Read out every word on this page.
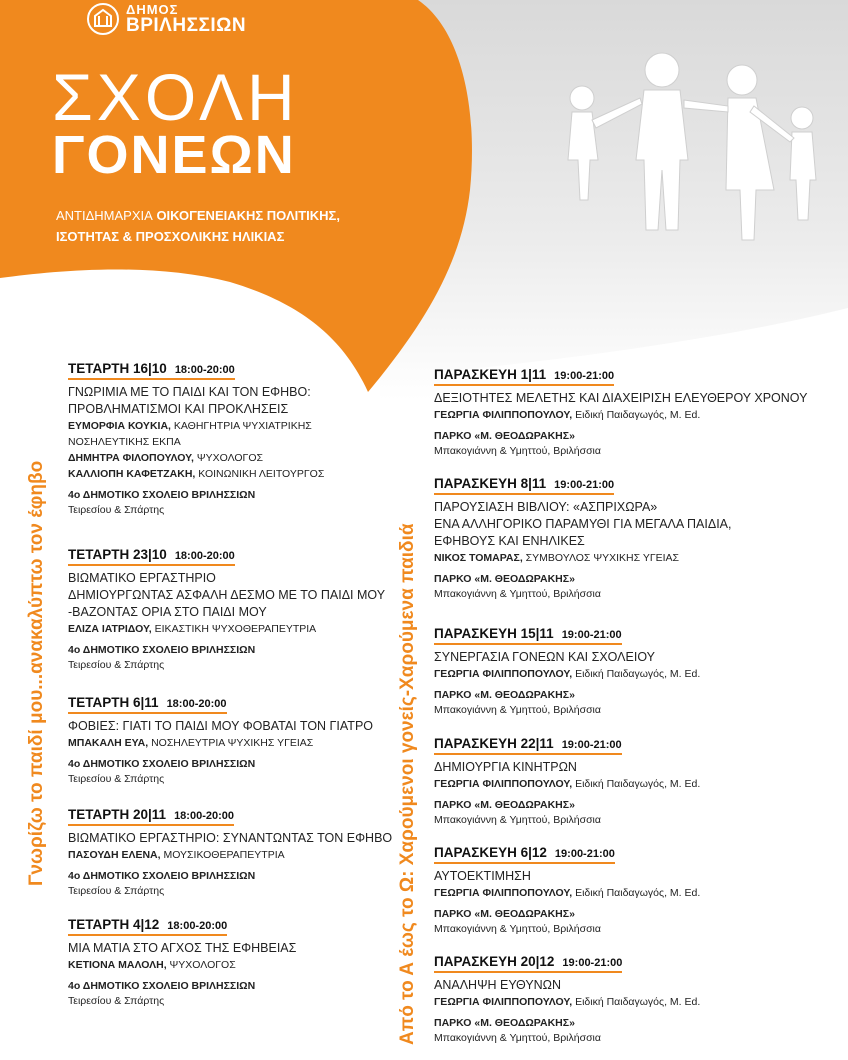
ΔΗΜΟΣ
ΒΡΙΛΗΣΣΙΩΝ
ΣΧΟΛΗ
ΓΟΝΕΩΝ
ΑΝΤΙΔΗΜΑΡΧΙΑ ΟΙΚΟΓΕΝΕΙΑΚΗΣ ΠΟΛΙΤΙΚΗΣ,
ΙΣΟΤΗΤΑΣ & ΠΡΟΣΧΟΛΙΚΗΣ ΗΛΙΚΙΑΣ
Γνωρίζω το παιδί μου...ανακαλύπτω τον έφηβο	Από το Α έως το Ω: Χαρούμενοι γονείς-Χαρούμενα παιδιά
ΤΕΤΑΡΤΗ 16|10 18:00-20:00
ΓΝΩΡΙΜΙΑ ΜΕ ΤΟ ΠΑΙΔΙ ΚΑΙ ΤΟΝ ΕΦΗΒΟ:
ΠΡΟΒΛΗΜΑΤΙΣΜΟΙ ΚΑΙ ΠΡΟΚΛΗΣΕΙΣ
ΕΥΜΟΡΦΙΑ ΚΟΥΚΙΑ, ΚΑΘΗΓΗΤΡΙΑ ΨΥΧΙΑΤΡΙΚΗΣ
ΝΟΣΗΛΕΥΤΙΚΗΣ ΕΚΠΑ
ΔΗΜΗΤΡΑ ΦΙΛΟΠΟΥΛΟΥ, ΨΥΧΟΛΟΓΟΣ
ΚΑΛΛΙΟΠΗ ΚΑΦΕΤΖΑΚΗ, ΚΟΙΝΩΝΙΚΗ ΛΕΙΤΟΥΡΓΟΣ
4ο ΔΗΜΟΤΙΚΟ ΣΧΟΛΕΙΟ ΒΡΙΛΗΣΣΙΩΝ
Τειρεσίου & Σπάρτης
ΤΕΤΑΡΤΗ 23|10 18:00-20:00
ΒΙΩΜΑΤΙΚΟ ΕΡΓΑΣΤΗΡΙΟ
ΔΗΜΙΟΥΡΓΩΝΤΑΣ ΑΣΦΑΛΗ ΔΕΣΜΟ ΜΕ ΤΟ ΠΑΙΔΙ ΜΟΥ
-ΒΑΖΟΝΤΑΣ ΟΡΙΑ ΣΤΟ ΠΑΙΔΙ ΜΟΥ
ΕΛΙΖΑ ΙΑΤΡΙΔΟΥ, ΕΙΚΑΣΤΙΚΗ ΨΥΧΟΘΕΡΑΠΕΥΤΡΙΑ
4ο ΔΗΜΟΤΙΚΟ ΣΧΟΛΕΙΟ ΒΡΙΛΗΣΣΙΩΝ
Τειρεσίου & Σπάρτης
ΤΕΤΑΡΤΗ 6|11 18:00-20:00
ΦΟΒΙΕΣ: ΓΙΑΤΙ ΤΟ ΠΑΙΔΙ ΜΟΥ ΦΟΒΑΤΑΙ ΤΟΝ ΓΙΑΤΡΟ
ΜΠΑΚΑΛΗ ΕΥΑ, ΝΟΣΗΛΕΥΤΡΙΑ ΨΥΧΙΚΗΣ ΥΓΕΙΑΣ
4ο ΔΗΜΟΤΙΚΟ ΣΧΟΛΕΙΟ ΒΡΙΛΗΣΣΙΩΝ
Τειρεσίου & Σπάρτης
ΤΕΤΑΡΤΗ 20|11 18:00-20:00
ΒΙΩΜΑΤΙΚΟ ΕΡΓΑΣΤΗΡΙΟ: ΣΥΝΑΝΤΩΝΤΑΣ ΤΟΝ ΕΦΗΒΟ
ΠΑΣΟΥΔΗ ΕΛΕΝΑ, ΜΟΥΣΙΚΟΘΕΡΑΠΕΥΤΡΙΑ
4ο ΔΗΜΟΤΙΚΟ ΣΧΟΛΕΙΟ ΒΡΙΛΗΣΣΙΩΝ
Τειρεσίου & Σπάρτης
ΤΕΤΑΡΤΗ 4|12 18:00-20:00
ΜΙΑ ΜΑΤΙΑ ΣΤΟ ΑΓΧΟΣ ΤΗΣ ΕΦΗΒΕΙΑΣ
ΚΕΤΙΟΝΑ ΜΑΛΟΛΗ, ΨΥΧΟΛΟΓΟΣ
4ο ΔΗΜΟΤΙΚΟ ΣΧΟΛΕΙΟ ΒΡΙΛΗΣΣΙΩΝ
Τειρεσίου & Σπάρτης
ΠΑΡΑΣΚΕΥΗ 1|11 19:00-21:00
ΔΕΞΙΟΤΗΤΕΣ ΜΕΛΕΤΗΣ ΚΑΙ ΔΙΑΧΕΙΡΙΣΗ ΕΛΕΥΘΕΡΟΥ ΧΡΟΝΟΥ
ΓΕΩΡΓΙΑ ΦΙΛΙΠΠΟΠΟΥΛΟΥ, Ειδική Παιδαγωγός, Μ. Ed.
ΠΑΡΚΟ «Μ. ΘΕΟΔΩΡΑΚΗΣ»
Μπακογιάννη & Υμηττού, Βριλήσσια
ΠΑΡΑΣΚΕΥΗ 8|11 19:00-21:00
ΠΑΡΟΥΣΙΑΣΗ ΒΙΒΛΙΟΥ: «ΑΣΠΡΙΧΩΡΑ»
ΕΝΑ ΑΛΛΗΓΟΡΙΚΟ ΠΑΡΑΜΥΘΙ ΓΙΑ ΜΕΓΑΛΑ ΠΑΙΔΙΑ,
ΕΦΗΒΟΥΣ ΚΑΙ ΕΝΗΛΙΚΕΣ
ΝΙΚΟΣ ΤΟΜΑΡΑΣ, ΣΥΜΒΟΥΛΟΣ ΨΥΧΙΚΗΣ ΥΓΕΙΑΣ
ΠΑΡΚΟ «Μ. ΘΕΟΔΩΡΑΚΗΣ»
Μπακογιάννη & Υμηττού, Βριλήσσια
ΠΑΡΑΣΚΕΥΗ 15|11 19:00-21:00
ΣΥΝΕΡΓΑΣΙΑ ΓΟΝΕΩΝ ΚΑΙ ΣΧΟΛΕΙΟΥ
ΓΕΩΡΓΙΑ ΦΙΛΙΠΠΟΠΟΥΛΟΥ, Ειδική Παιδαγωγός, Μ. Ed.
ΠΑΡΚΟ «Μ. ΘΕΟΔΩΡΑΚΗΣ»
Μπακογιάννη & Υμηττού, Βριλήσσια
ΠΑΡΑΣΚΕΥΗ 22|11 19:00-21:00
ΔΗΜΙΟΥΡΓΙΑ ΚΙΝΗΤΡΩΝ
ΓΕΩΡΓΙΑ ΦΙΛΙΠΠΟΠΟΥΛΟΥ, Ειδική Παιδαγωγός, Μ. Ed.
ΠΑΡΚΟ «Μ. ΘΕΟΔΩΡΑΚΗΣ»
Μπακογιάννη & Υμηττού, Βριλήσσια
ΠΑΡΑΣΚΕΥΗ 6|12 19:00-21:00
ΑΥΤΟΕΚΤΙΜΗΣΗ
ΓΕΩΡΓΙΑ ΦΙΛΙΠΠΟΠΟΥΛΟΥ, Ειδική Παιδαγωγός, Μ. Ed.
ΠΑΡΚΟ «Μ. ΘΕΟΔΩΡΑΚΗΣ»
Μπακογιάννη & Υμηττού, Βριλήσσια
ΠΑΡΑΣΚΕΥΗ 20|12 19:00-21:00
ΑΝΑΛΗΨΗ ΕΥΘΥΝΩΝ
ΓΕΩΡΓΙΑ ΦΙΛΙΠΠΟΠΟΥΛΟΥ, Ειδική Παιδαγωγός, Μ. Ed.
ΠΑΡΚΟ «Μ. ΘΕΟΔΩΡΑΚΗΣ»
Μπακογιάννη & Υμηττού, Βριλήσσια
